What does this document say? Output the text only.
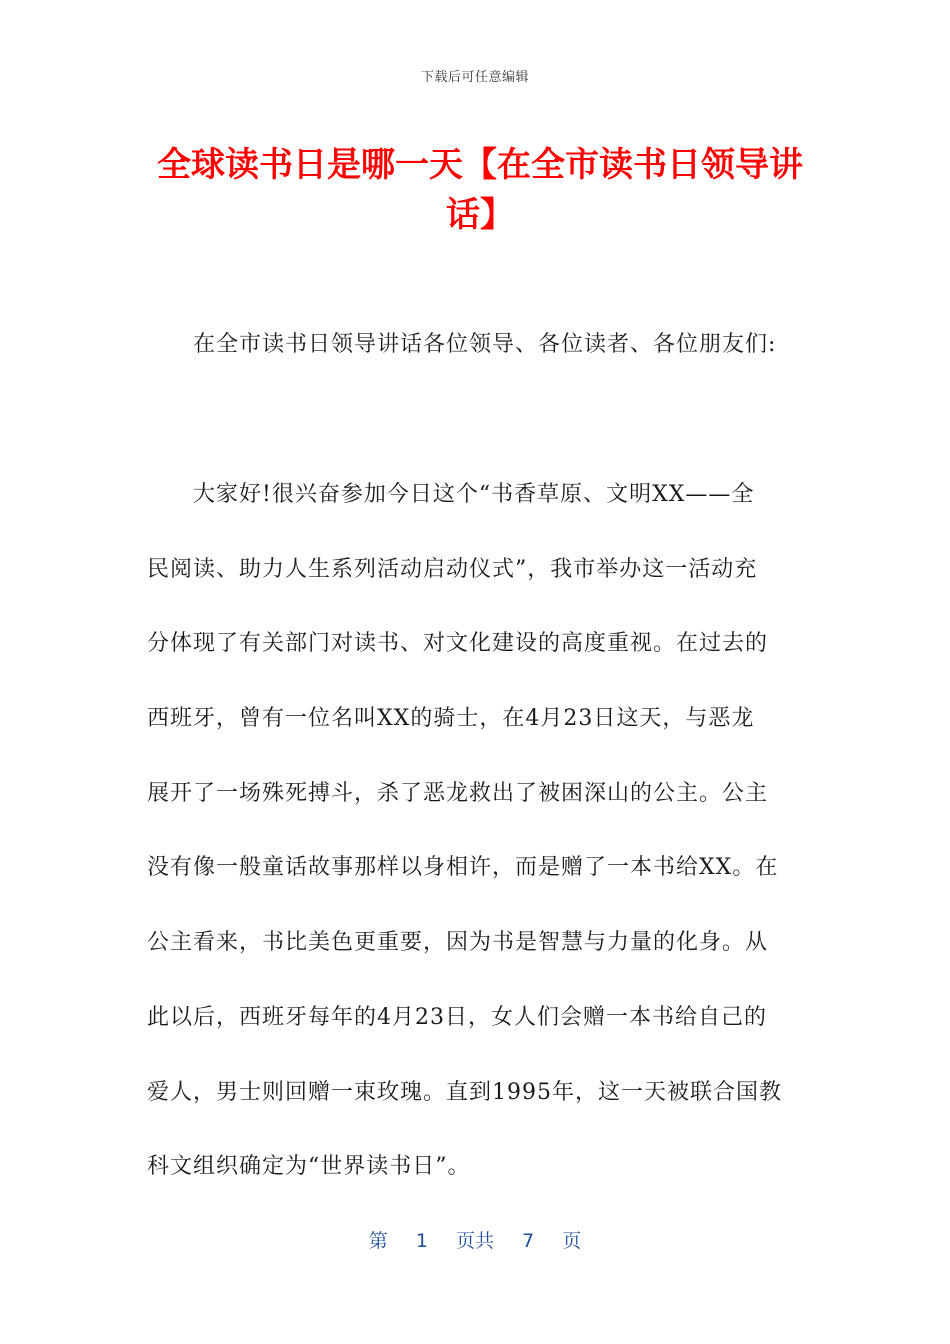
下载后可任意编辑
全球读书日是哪一天【在全市读书日领导讲话】
在全市读书日领导讲话各位领导、各位读者、各位朋友们:
大家好!很兴奋参加今日这个“书香草原、文明XX——全
民阅读、助力人生系列活动启动仪式”，我市举办这一活动充
分体现了有关部门对读书、对文化建设的高度重视。在过去的
西班牙，曾有一位名叫XX的骑士，在4月23日这天，与恶龙
展开了一场殊死搏斗，杀了恶龙救出了被困深山的公主。公主
没有像一般童话故事那样以身相许，而是赠了一本书给XX。在
公主看来，书比美色更重要，因为书是智慧与力量的化身。从
此以后，西班牙每年的4月23日，女人们会赠一本书给自己的
爱人，男士则回赠一束玫瑰。直到1995年，这一天被联合国教
科文组织确定为“世界读书日”。
第 1 页共 7 页
